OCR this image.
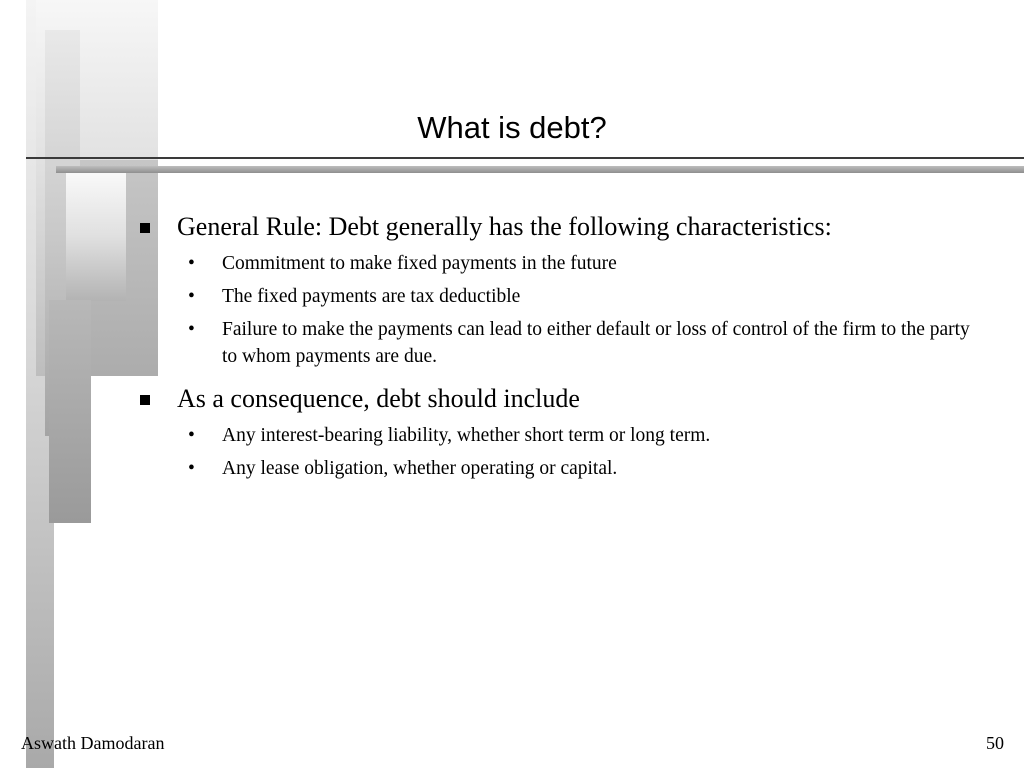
What is debt?
General Rule: Debt generally has the following characteristics:
• Commitment to make fixed payments in the future
• The fixed payments are tax deductible
• Failure to make the payments can lead to either default or loss of control of the firm to the party to whom payments are due.
As a consequence, debt should include
• Any interest-bearing liability, whether short term or long term.
• Any lease obligation, whether operating or capital.
Aswath Damodaran	50
